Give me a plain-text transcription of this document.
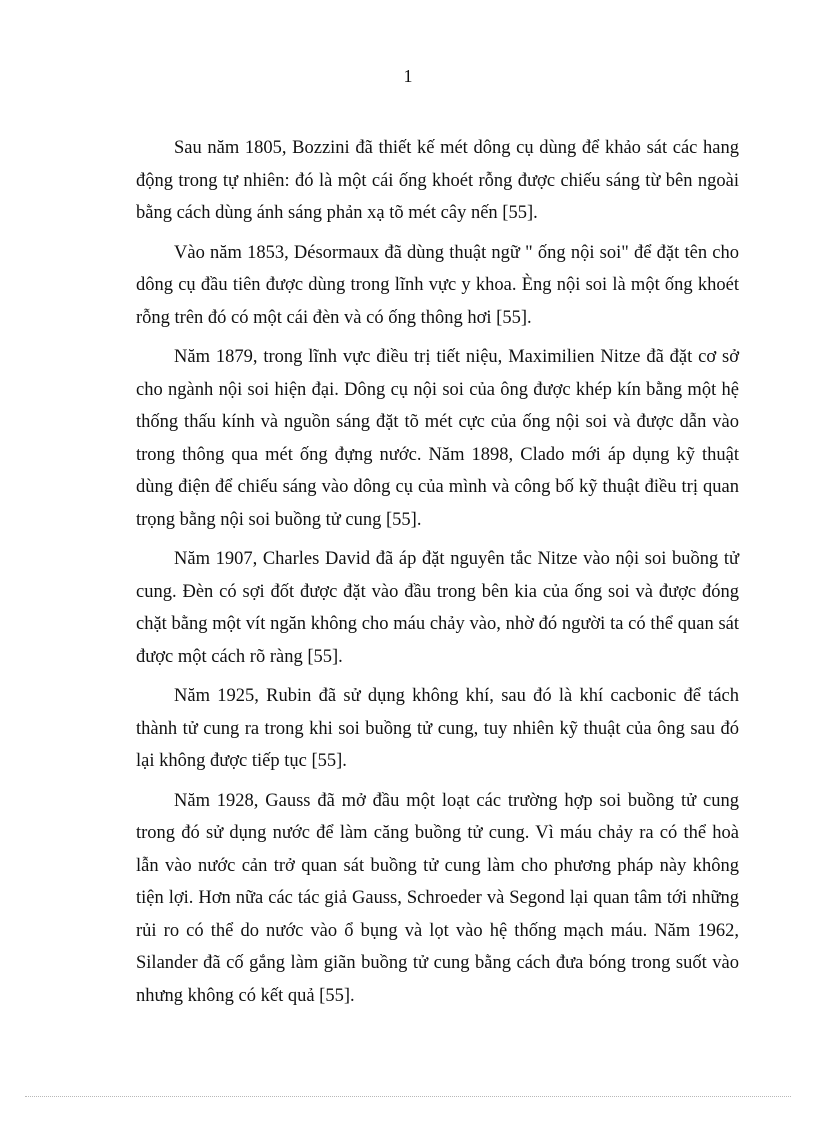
1

Sau năm 1805, Bozzini đã thiết kế mét dông cụ dùng để khảo sát các hang động trong tự nhiên: đó là một cái ống khoét rỗng được chiếu sáng từ bên ngoài bằng cách dùng ánh sáng phản xạ tõ mét cây nến [55].

Vào năm 1853, Désormaux đã dùng thuật ngữ " ống nội soi" để đặt tên cho dông cụ đầu tiên được dùng trong lĩnh vực y khoa. Èng nội soi là một ống khoét rỗng trên đó có một cái đèn và có ống thông hơi [55].

Năm 1879, trong lĩnh vực điều trị tiết niệu, Maximilien Nitze đã đặt cơ sở cho ngành nội soi hiện đại. Dông cụ nội soi của ông được khép kín bằng một hệ thống thấu kính và nguồn sáng đặt tõ mét cực của ống nội soi và được dẫn vào trong thông qua mét ống đựng nước. Năm 1898, Clado mới áp dụng kỹ thuật dùng điện để chiếu sáng vào dông cụ của mình và công bố kỹ thuật điều trị quan trọng bằng nội soi buồng tử cung [55].

Năm 1907, Charles David đã áp đặt nguyên tắc Nitze vào nội soi buồng tử cung. Đèn có sợi đốt được đặt vào đầu trong bên kia của ống soi và được đóng chặt bằng một vít ngăn không cho máu chảy vào, nhờ đó người ta có thể quan sát được một cách rõ ràng [55].

Năm 1925, Rubin đã sử dụng không khí, sau đó là khí cacbonic để tách thành tử cung ra trong khi soi buồng tử cung, tuy nhiên kỹ thuật của ông sau đó lại không được tiếp tục [55].

Năm 1928, Gauss đã mở đầu một loạt các trường hợp soi buồng tử cung trong đó sử dụng nước để làm căng buồng tử cung. Vì máu chảy ra có thể hoà lẫn vào nước cản trở quan sát buồng tử cung làm cho phương pháp này không tiện lợi. Hơn nữa các tác giả Gauss, Schroeder và Segond lại quan tâm tới những rủi ro có thể do nước vào ổ bụng và lọt vào hệ thống mạch máu. Năm 1962, Silander đã cố gắng làm giãn buồng tử cung bằng cách đưa bóng trong suốt vào nhưng không có kết quả [55].
